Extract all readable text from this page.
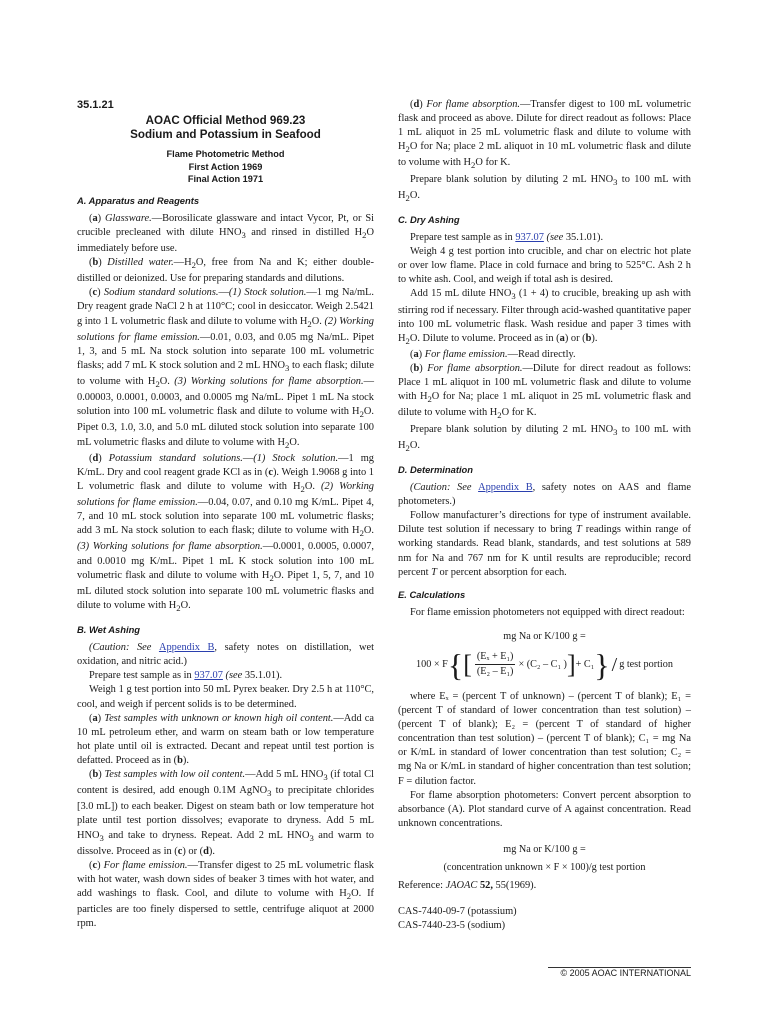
35.1.21
AOAC Official Method 969.23
Sodium and Potassium in Seafood
Flame Photometric Method
First Action 1969
Final Action 1971
A. Apparatus and Reagents

(a) Glassware.—Borosilicate glassware and intact Vycor, Pt, or Si crucible precleaned with dilute $HNO_3$ and rinsed in distilled $H_2O$ immediately before use.

(b) Distilled $water.—H_2O$, free from Na and K; either double-distilled or deionized. Use for preparing standards and dilutions.

(c) Sodium standard solutions.—(1) Stock solution.—1 mg Na/mL. Dry reagent grade NaCl 2 h at 110°C; cool in desiccator. Weigh 2.5421 g into 1 L volumetric flask and dilute to volume with $H_2O$. (2) Working solutions for flame emission.—0.01, 0.03, and 0.05 mg Na/mL. Pipet 1, 3, and 5 mL Na stock solution into separate 100 mL volumetric flasks; add 7 mL K stock solution and 2 mL $HNO_3$ to each flask; dilute to volume with $H_2O$. (3) Working solutions for flame absorption.—0.00003, 0.0001, 0.0003, and 0.0005 mg Na/mL. Pipet 1 mL Na stock solution into 100 mL volumetric flask and dilute to volume with $H_2O$. Pipet 0.3, 1.0, 3.0, and 5.0 mL diluted stock solution into separate 100 mL volumetric flasks and dilute to volume with $H_2O$.

(d) Potassium standard solutions.—(1) Stock solution.—1 mg K/mL. Dry and cool reagent grade KCl as in (c). Weigh 1.9068 g into 1 L volumetric flask and dilute to volume with $H_2O$. (2) Working solutions for flame emission.—0.04, 0.07, and 0.10 mg K/mL. Pipet 4, 7, and 10 mL stock solution into separate 100 mL volumetric flasks; add 3 mL Na stock solution to each flask; dilute to volume with $H_2O$. (3) Working solutions for flame absorption.—0.0001, 0.0005, 0.0007, and 0.0010 mg K/mL. Pipet 1 mL K stock solution into 100 mL volumetric flask and dilute to volume with $H_2O$. Pipet 1, 5, 7, and 10 mL diluted stock solution into separate 100 mL volumetric flasks and dilute to volume with $H_2O$.

B. Wet Ashing

(Caution: See Appendix B, safety notes on distillation, wet oxidation, and nitric acid.)

Prepare test sample as in 937.07 (see 35.1.01).

Weigh 1 g test portion into 50 mL Pyrex beaker. Dry 2.5 h at 110°C, cool, and weigh if percent solids is to be determined.

(a) Test samples with unknown or known high oil content.—Add ca 10 mL petroleum ether, and warm on steam bath or low temperature hot plate until oil is extracted. Decant and repeat until test portion is defatted. Proceed as in (b).

(b) Test samples with low oil content.—Add 5 mL $HNO_3$ (if total Cl content is desired, add enough 0.1M AgNO$_3$ to precipitate chlorides [3.0 mL]) to each beaker. Digest on steam bath or low temperature hot plate until test portion dissolves; evaporate to dryness. Add 5 mL $HNO_3$ and take to dryness. Repeat. Add 2 mL $HNO_3$ and warm to dissolve. Proceed as in (c) or (d).

(c) For flame emission.—Transfer digest to 25 mL volumetric flask with hot water, wash down sides of beaker 3 times with hot water, and add washings to flask. Cool, and dilute to volume with $H_2O$. If particles are too finely dispersed to settle, centrifuge aliquot at 2000 rpm.

(d) For flame absorption.—Transfer digest to 100 mL volumetric flask and proceed as above. Dilute for direct readout as follows: Place 1 mL aliquot in 25 mL volumetric flask and dilute to volume with $H_2O$ for Na; place 2 mL aliquot in 10 mL volumetric flask and dilute to volume with $H_2O$ for K.

Prepare blank solution by diluting 2 mL $HNO_3$ to 100 mL with $H_2O$.

C. Dry Ashing

Prepare test sample as in 937.07 (see 35.1.01).

Weigh 4 g test portion into crucible, and char on electric hot plate or over low flame. Place in cold furnace and bring to 525°C. Ash 2 h to white ash. Cool, and weigh if total ash is desired.

Add 15 mL dilute $HNO_3$ (1 + 4) to crucible, breaking up ash with stirring rod if necessary. Filter through acid-washed quantitative paper into 100 mL volumetric flask. Wash residue and paper 3 times with $H_2O$. Dilute to volume. Proceed as in (a) or (b).

(a) For flame emission.—Read directly.

(b) For flame absorption.—Dilute for direct readout as follows: Place 1 mL aliquot in 100 mL volumetric flask and dilute to volume with $H_2O$ for Na; place 1 mL aliquot in 25 mL volumetric flask and dilute to volume with $H_2O$ for K.

Prepare blank solution by diluting 2 mL $HNO_3$ to 100 mL with $H_2O$.

D. Determination

(Caution: See Appendix B, safety notes on AAS and flame photometers.)

Follow manufacturer’s directions for type of instrument available. Dilute test solution if necessary to bring T readings within range of working standards. Read blank, standards, and test solutions at 589 nm for Na and 767 nm for K until results are reproducible; record percent T or percent absorption for each.

E. Calculations

For flame emission photometers not equipped with direct readout:

mg Na or K/100 g =
100 × F { [ $\frac{\text{(Eₓ + E₁)}}{\text{(E₂ – E₁)}} \times (C_2 - C_1$ ) ] + C₁ } / g test portion

where Eₓ = (percent T of unknown) – (percent T of blank); E₁ = (percent T of standard of lower concentration than test solution) – (percent T of blank); E₂ = (percent T of standard of higher concentration than test solution) – (percent T of blank); C₁ = mg Na or K/mL in standard of lower concentration than test solution; C₂ = mg Na or K/mL in standard of higher concentration than test solution; F = dilution factor.

For flame absorption photometers: Convert percent absorption to absorbance (A). Plot standard curve of A against concentration. Read unknown concentrations.

mg Na or K/100 g =
(concentration unknown × F × 100)/g test portion

Reference: JAOAC 52, 55(1969).

CAS-7440-09-7 (potassium)

CAS-7440-23-5 (sodium)

© 2005 AOAC INTERNATIONAL
